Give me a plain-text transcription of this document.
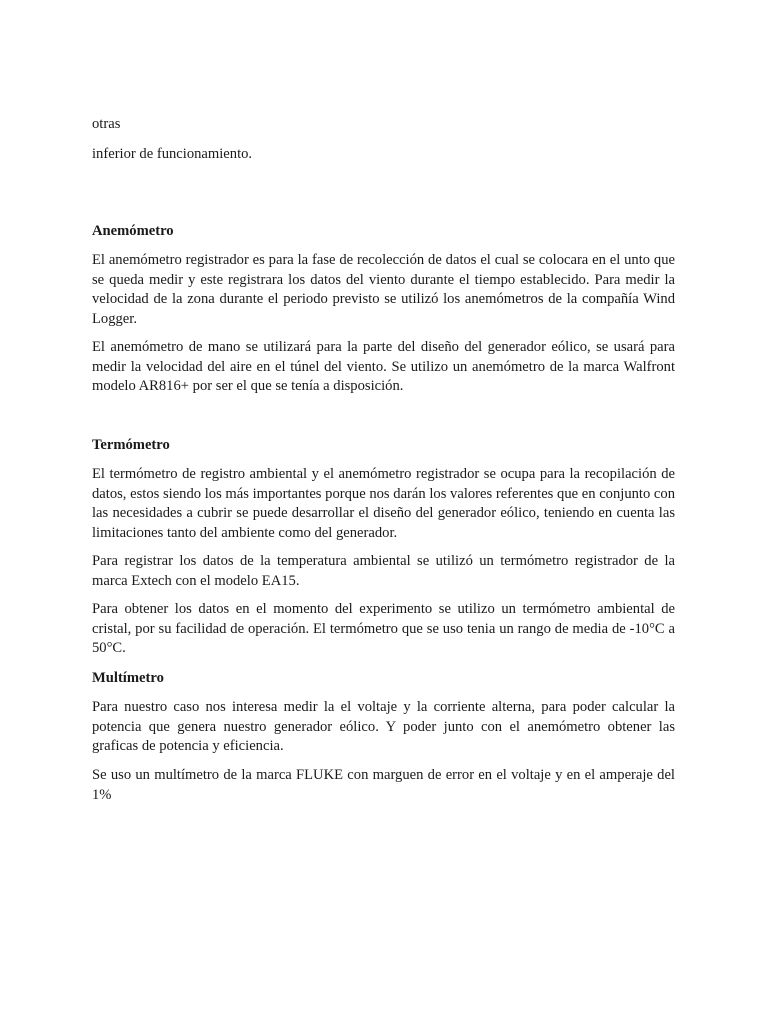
otras

inferior de funcionamiento.

Anemómetro

El anemómetro registrador es para la fase de recolección de datos el cual se colocara en el unto que se queda medir y este registrara los datos del viento durante el tiempo establecido. Para medir la velocidad de la zona durante el periodo previsto se utilizó los anemómetros de la compañía Wind Logger.

El anemómetro de mano se utilizará para la parte del diseño del generador eólico, se usará para medir la velocidad del aire en el túnel del viento. Se utilizo un anemómetro de la marca Walfront modelo AR816+ por ser el que se tenía a disposición.

Termómetro

El termómetro de registro ambiental y el anemómetro registrador se ocupa para la recopilación de datos, estos siendo los más importantes porque nos darán los valores referentes que en conjunto con las necesidades a cubrir se puede desarrollar el diseño del generador eólico, teniendo en cuenta las limitaciones tanto del ambiente como del generador.

Para registrar los datos de la temperatura ambiental se utilizó un termómetro registrador de la marca Extech con el modelo EA15.

Para obtener los datos en el momento del experimento se utilizo un termómetro ambiental de cristal, por su facilidad de operación. El termómetro que se uso tenia un rango de media de -10°C a 50°C.

Multímetro

Para nuestro caso nos interesa medir la el voltaje y la corriente alterna, para poder calcular la potencia que genera nuestro generador eólico. Y poder junto con el anemómetro obtener las graficas de potencia y eficiencia.

Se uso un multímetro de la marca FLUKE con marguen de error en el voltaje y en el amperaje del 1%
